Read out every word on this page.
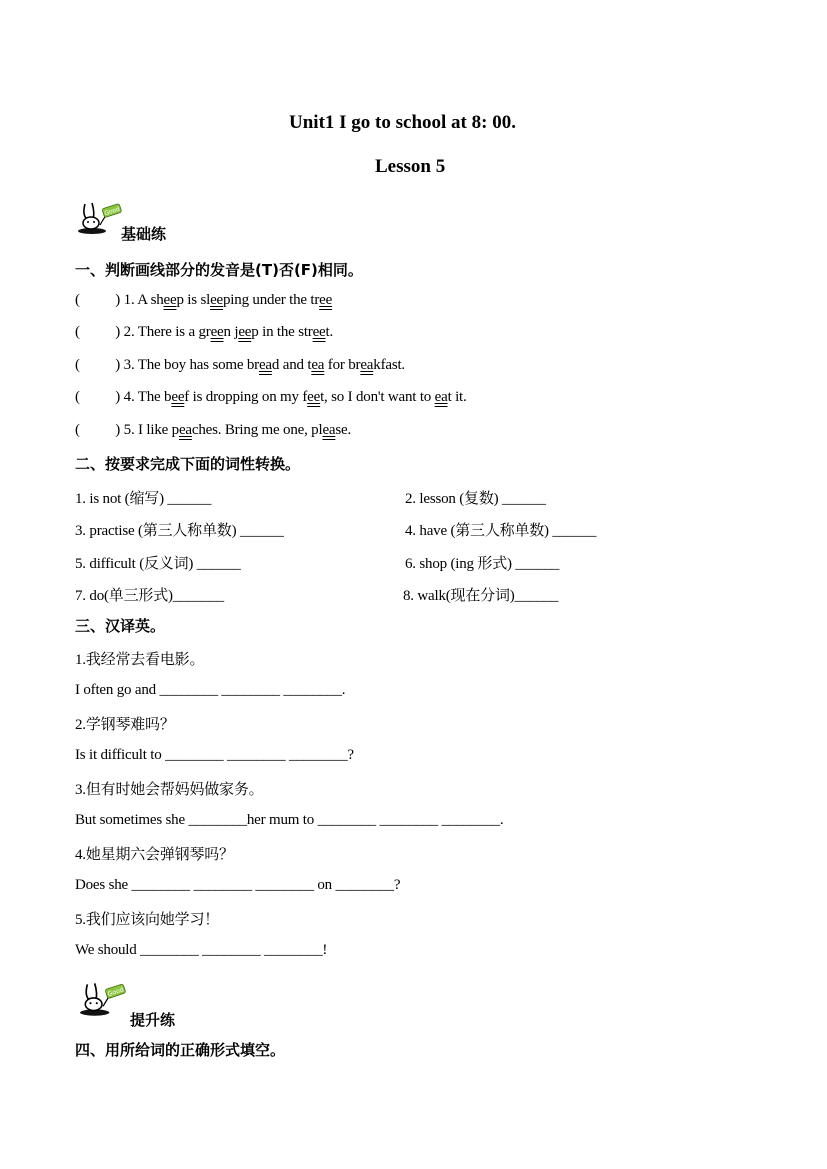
Unit1 I go to school at 8: 00.
Lesson 5
Good
基础练
一、判断画线部分的发音是(T)否(F)相同。
(          ) 1. A sheep is sleeping under the tree
(          ) 2. There is a green jeep in the street.
(          ) 3. The boy has some bread and tea for breakfast.
(          ) 4. The beef is dropping on my feet, so I don't want to eat it.
(          ) 5. I like peaches. Bring me one, please.
二、按要求完成下面的词性转换。
1. is not (缩写) ______	2. lesson (复数) ______
3. practise (第三人称单数) ______	4. have (第三人称单数) ______
5. difficult (反义词) ______	6. shop (ing 形式) ______
7. do(单三形式)_______	8. walk(现在分词)______
三、汉译英。
1.我经常去看电影。
I often go and ________ ________ ________.
2.学钢琴难吗？
Is it difficult to ________ ________ ________?
3.但有时她会帮妈妈做家务。
But sometimes she ________her mum to ________ ________ ________.
4.她星期六会弹钢琴吗？
Does she ________ ________ ________ on ________?
5.我们应该向她学习！
We should ________ ________ ________!
Good
提升练
四、用所给词的正确形式填空。
